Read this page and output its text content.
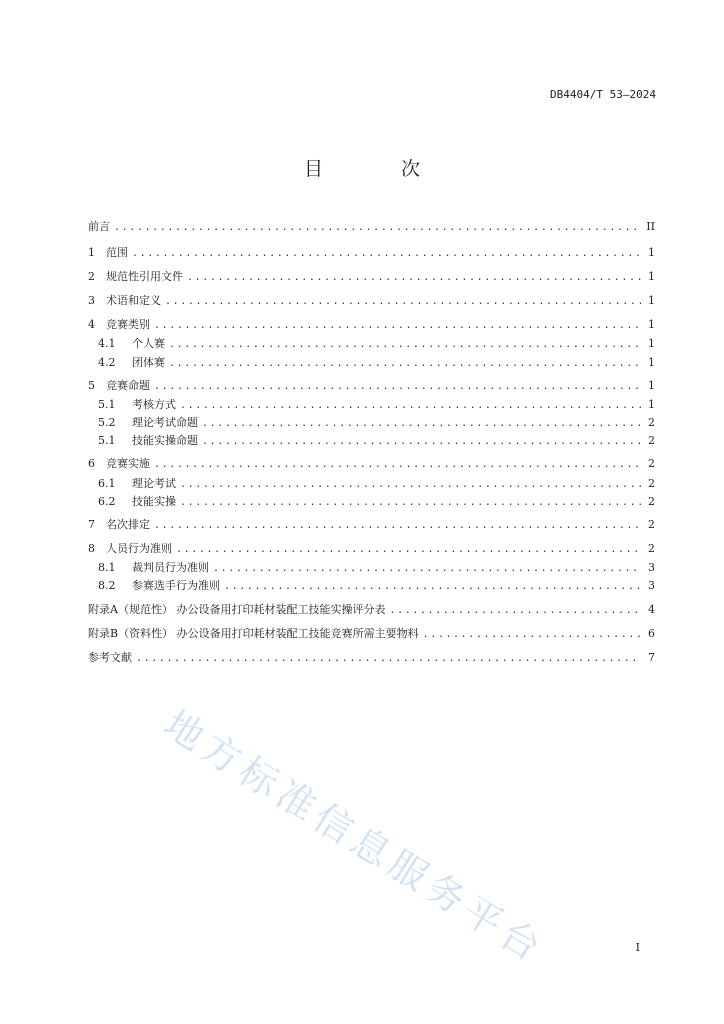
DB4404/T 53—2024
目 次
前言 .....	II
1	范围 .....	1
2	规范性引用文件 .....	1
3	术语和定义 .....	1
4	竞赛类别 .....	1
4.1	个人赛 .....	1
4.2	团体赛 .....	1
5	竞赛命题 .....	1
5.1	考核方式 .....	1
5.2	理论考试命题 .....	2
5.1	技能实操命题 .....	2
6	竞赛实施 .....	2
6.1	理论考试 .....	2
6.2	技能实操 .....	2
7	名次排定 .....	2
8	人员行为准则 .....	2
8.1	裁判员行为准则 .....	3
8.2	参赛选手行为准则 .....	3
附录A（规范性） 办公设备用打印耗材装配工技能实操评分表 .....	4
附录B（资料性） 办公设备用打印耗材装配工技能竞赛所需主要物料 .....	6
参考文献 .....	7
地方标准信息服务平台	I
